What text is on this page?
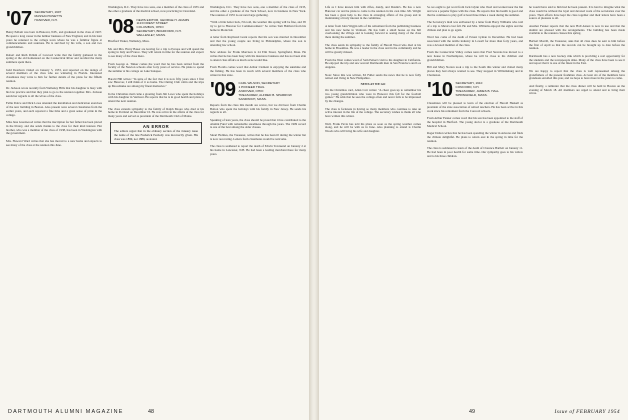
'07 SECRETARY, 1907
MASSACHUSETTS
HANOVER, N.H.
Henry Pellam was born in Hanover, N.H., and graduated in the class of 1907. He spent a long career in the lumber business of New England, and in his later years he returned to the college town where he was a familiar figure at commencements and reunions. He is survived by his wife, a son and two grandchildren.

Robert and Ruth Pellam of Concord write that the family gathered in the spring at the old homestead on the Connecticut River and recalled the many summers spent there.

Judd Dearborn visited on January 5, 1953, and reported on the doings of several members of the class who are wintering in Florida. Interested classmates may write to him for further details of the plans for the fiftieth reunion.

Dr. Jackson wrote recently from Wellesley Hills that his daughter is busy with his law practice and that they plan to go to the reunion together. Mrs. Jackson sends her regards to all the wives of the class.

Fellie Peirce and Dick Lowe attended the installation and dedication exercises of the new building in Boston. Also present were several classmates from the earlier years, and each reported a fine time and a great sense of pride in the college.

Miss Jane Greenwood writes that the inscription for her father has been placed in the library, and she sends thanks to the class for their kind interest. Her brother, who was a member of the class of 1938, has been in Washington with the government.

Mrs. Howard Ward writes that she has moved to a new home and expects to see many of the class at the reunion this June.
Washington, D.C. They have two sons, one a member of the class of 1935 and the other a graduate of the medical school, now practicing in Cleveland.
'08 NEWS EDITOR, GEORGE H. ADAMS
119 FOREST STREET
COLUMBUS, OHIO
SECRETARY, BRADFORD, N.H.
WELLESLEY, MASS.
Bradford Tinker, Wellesley, Mass.

Mr. and Mrs. Harry Bauer are leaving for a trip to Europe and will spend the spring in Italy and France. They will return in time for the reunion and expect to see many of the class there.

From George A. Tinker comes the word that he has been retired from the faculty of the Newton schools after forty years of service. He plans to spend the summer at his cottage on Lake Sunapee.

Harold Hill writes: "In spite of the fact that it is now fifty years since I first saw Hanover, I still think of it as home. The Outing Club cabin and the trips up Moosilauke are among my finest memories."

In the Christmas mail came a greeting from Jim Lowe who spent the holidays with his daughter in Vermont. He reports that he is in good health and plans to attend the next reunion.

The class extends sympathy to the family of Ralph Moore who died at his home in Portland on December 10. He was active in the affairs of the class for many years and served as president of the Dartmouth Club of Maine.
AN ERROR
The editors regret that in the obituary section of the January issue the name of the late Frederick Peabody was incorrectly given. His class was 1899, not 1889, as stated.
Washington, D.C. They have two sons, one a member of the class of 1935, and the other a graduate of the Tuck School, now in business in New York. The reunion of 1955 is our next large gathering.

"With a little better luck, I'm told, the weather this spring will be fine, and I'll try to get to Hanover for Commencement." So writes Tom Hubbard from his home in Montclair.

A letter from Raymond Grant reports that his son was married in December and that the young couple are living in Philadelphia, where the son is attending law school.

New address for Frank Morrison is 24 Elm Street, Springfield, Mass. He writes that he has been busy with his insurance business and has not been able to attend class affairs as much as he would like.

From Florida comes word that Arthur Clement is enjoying the sunshine and the fishing. He has been in touch with several members of the class who winter in that state.
'09 CARL WILSON, SECRETARY
1 PIONEER TRAIL
ANDOVER, OHIO
TREASURER, ALFRED B. SPARROW
SANDWICH, MASS.
Reports from the class this month are scarce, but we did hear from Charlie Bolton who spent the holidays with his family in New Jersey. He sends his regards to all.

Speaking of lean years, the class should be proud that it has contributed to the Alumni Fund with remarkable steadiness through the years. The 1909 record is one of the best among the older classes.

Stuart Holmes, the Treasurer, writes that he has been ill during the winter but is now recovering. Letters from classmates would be welcome.

The class is saddened to report the death of Edwin Townsend on January 2 at his home in Lancaster, N.H. He had been a leading merchant there for many years.
48
DARTMOUTH ALUMNI MAGAZINE
Life as I have known him with rifles, dandy, and Dustin's. He has a new Hanover car and he plans to come to the reunion in his own time. Mr. Wright has been a great help to the class in arranging affairs of the group and in maintaining a lively interest in the committee.

A letter from John Wiggin tells of his retirement from the publishing business and his new home in Vermont. He has built a small house on the hill overlooking the village and is looking forward to seeing many of the class there during the summer.

The class sends its sympathy to the family of Harold Wood who died at his home in Brookline. He was a leader in the class and in the community and he will be greatly missed.

From the West comes word of Sam Pettee's visit to his daughter in California. He enjoyed the trip and saw several Dartmouth men in San Francisco and Los Angeles.

Note: Since this was written, Ed Fuller sends the news that he is now fully retired and living in New Hampshire.
NEWS AT WE GO
On the Christmas card, Allen Carr writes: "A cheer goes up to remember his two young grandchildren who were in Hanover this fall for the football games." He adds that he sees the college often and never fails to be impressed by the changes.

The class is fortunate in having so many members who continue to take an active interest in the life of the college. The secretary wishes to thank all who have written this winter.

Well, Frank Pavia has told his plans as soon as the spring weather comes along, and he will be with us in June. Also planning to attend is Charlie Woods who will bring his wife and daughter.
So we ought to get word from Jack Glynn who lived and worked near the Inn and was a popular figure with the class. He reports that his health is good and that he continues to play golf at least three times a week during the summer.

The Secretary's mail was enlivened by a letter from Harry Williams who told of a trip to Mexico last fall. He and Mrs. Williams enjoyed the sights and the climate and plan to go again.

Word has come of the death of Ernest Lyman in December. He had been associated with the textile industry in Lowell for more than forty years, and was a devoted member of the class.

From the Connecticut Valley comes news that Fred Stevens has moved to a new house in Northampton, where he will be close to his children and grandchildren.

Bill and Mary Norton took a trip to the South this winter and visited many places they had always wanted to see. They stopped in Williamsburg and in Charleston.
'10 SECRETARY, 1910
CONCORD, N.H.
TREASURER, JAMES B. HALL
SPRINGFIELD, MASS.
Classmates will be pleased to learn of the election of Harold Haskell as president of the state association of retired teachers. He has been active in this work since his retirement from the Concord schools.

From Arthur Fenner comes word that his son has been appointed to the staff of the hospital in Hartford. The young doctor is a graduate of the Dartmouth Medical School.

Roger Dalton writes that he has been spending the winter in Arizona and finds the climate delightful. He plans to return east in the spring in time for the reunion.

The class is saddened to learn of the death of Clarence Bartlett on January 11. He had been in poor health for some time. Our sympathy goes to his widow and to his three children.
he would have said to him had he been present. It is hard to imagine what the class would be without the loyal and devoted work of the secretaries over the years. Their efforts have kept the class together and their letters have been a source of pleasure to all.

Another Fenner reports that the new Hall Annex is now in use and that the alumni are pleased with the arrangements. The building has been made available to the reunion classes this spring.

Herbert Morrill, the Treasurer, asks that all class dues be sent to him before the first of April so that the records can be brought up to date before the reunion.

Dartmouth has a new hockey rink which is providing a real opportunity for the students and the townspeople alike. Many of the class have been to see it and report that it is one of the finest in the East.

We are happy to report that the class is well represented among the grandfathers of the present freshman class. At least six of the members have grandsons enrolled this year, and we hope to have more in the years to come.

And finally, a reminder that the class dinner will be held in Boston on the evening of March 18. All members are urged to attend and to bring their wives.
49	Issue of FEBRUARY 1954
